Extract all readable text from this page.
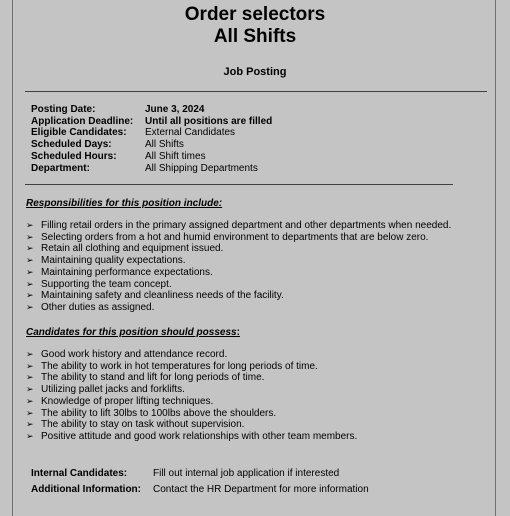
Order selectors
All Shifts
Job Posting
Posting Date:	June 3, 2024
Application Deadline:	Until all positions are filled
Eligible Candidates:	External Candidates
Scheduled Days:	All Shifts
Scheduled Hours:	All Shift times
Department:	All Shipping Departments
Responsibilities for this position include:
➢ Filling retail orders in the primary assigned department and other departments when needed.
➢ Selecting orders from a hot and humid environment to departments that are below zero.
➢ Retain all clothing and equipment issued.
➢ Maintaining quality expectations.
➢ Maintaining performance expectations.
➢ Supporting the team concept.
➢ Maintaining safety and cleanliness needs of the facility.
➢ Other duties as assigned.
Candidates for this position should possess:
➢ Good work history and attendance record.
➢ The ability to work in hot temperatures for long periods of time.
➢ The ability to stand and lift for long periods of time.
➢ Utilizing pallet jacks and forklifts.
➢ Knowledge of proper lifting techniques.
➢ The ability to lift 30lbs to 100lbs above the shoulders.
➢ The ability to stay on task without supervision.
➢ Positive attitude and good work relationships with other team members.
Internal Candidates:	Fill out internal job application if interested
Additional Information:	Contact the HR Department for more information
